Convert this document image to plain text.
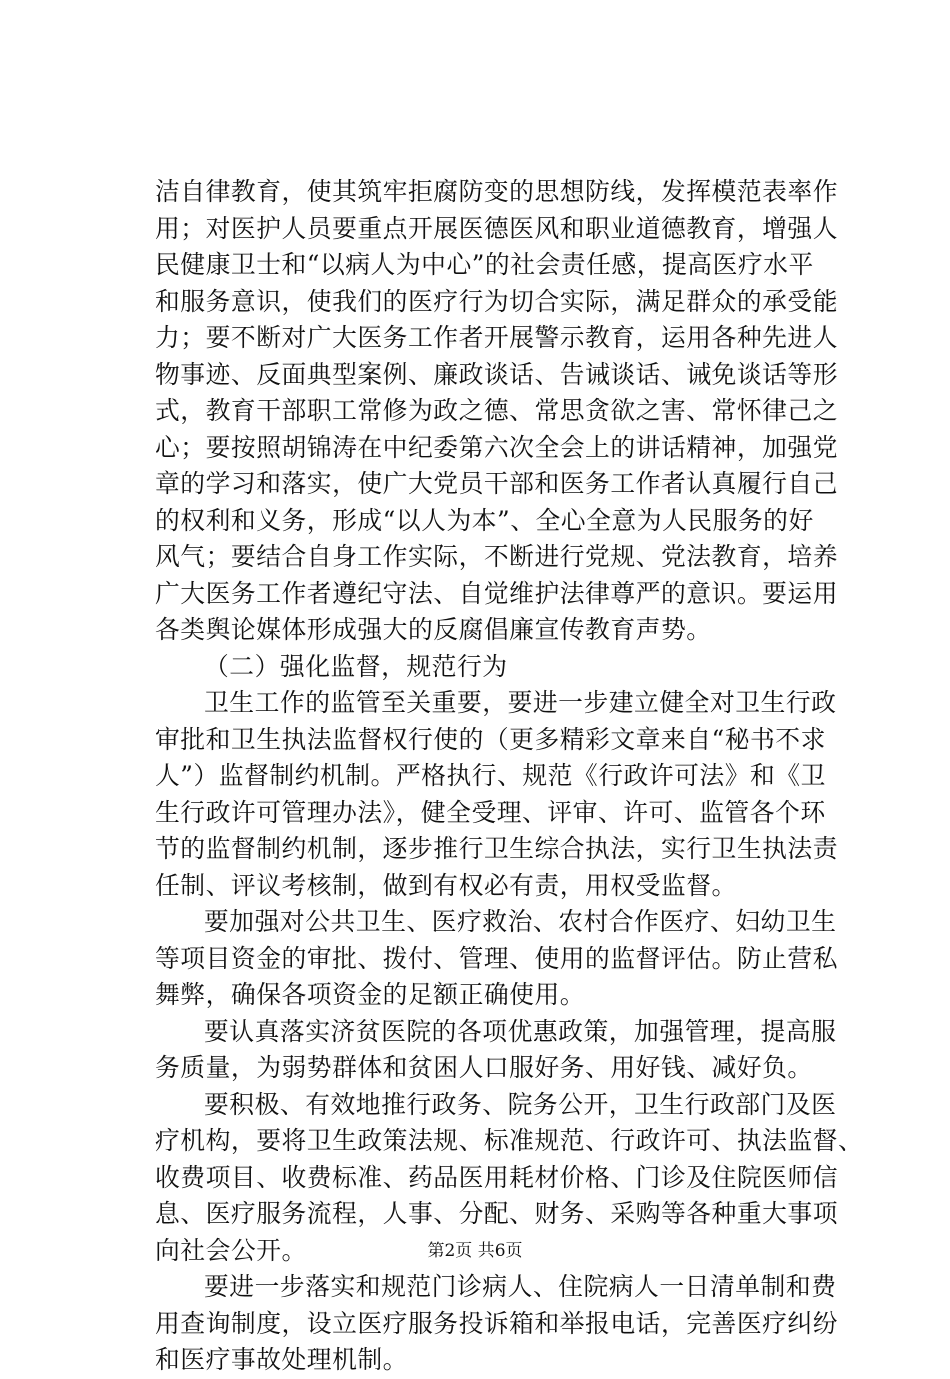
洁自律教育，使其筑牢拒腐防变的思想防线，发挥模范表率作
用；对医护人员要重点开展医德医风和职业道德教育，增强人
民健康卫士和“以病人为中心”的社会责任感，提高医疗水平
和服务意识，使我们的医疗行为切合实际，满足群众的承受能
力；要不断对广大医务工作者开展警示教育，运用各种先进人
物事迹、反面典型案例、廉政谈话、告诫谈话、诫免谈话等形
式，教育干部职工常修为政之德、常思贪欲之害、常怀律己之
心；要按照胡锦涛在中纪委第六次全会上的讲话精神，加强党
章的学习和落实，使广大党员干部和医务工作者认真履行自己
的权利和义务，形成“以人为本”、全心全意为人民服务的好
风气；要结合自身工作实际，不断进行党规、党法教育，培养
广大医务工作者遵纪守法、自觉维护法律尊严的意识。要运用
各类舆论媒体形成强大的反腐倡廉宣传教育声势。
（二）强化监督，规范行为
卫生工作的监管至关重要，要进一步建立健全对卫生行政
审批和卫生执法监督权行使的（更多精彩文章来自“秘书不求
人”）监督制约机制。严格执行、规范《行政许可法》和《卫
生行政许可管理办法》，健全受理、评审、许可、监管各个环
节的监督制约机制，逐步推行卫生综合执法，实行卫生执法责
任制、评议考核制，做到有权必有责，用权受监督。
要加强对公共卫生、医疗救治、农村合作医疗、妇幼卫生
等项目资金的审批、拨付、管理、使用的监督评估。防止营私
舞弊，确保各项资金的足额正确使用。
要认真落实济贫医院的各项优惠政策，加强管理，提高服
务质量，为弱势群体和贫困人口服好务、用好钱、减好负。
要积极、有效地推行政务、院务公开，卫生行政部门及医
疗机构，要将卫生政策法规、标准规范、行政许可、执法监督、
收费项目、收费标准、药品医用耗材价格、门诊及住院医师信
息、医疗服务流程，人事、分配、财务、采购等各种重大事项
向社会公开。
要进一步落实和规范门诊病人、住院病人一日清单制和费
用查询制度，设立医疗服务投诉箱和举报电话，完善医疗纠纷
和医疗事故处理机制。
第2页 共6页
